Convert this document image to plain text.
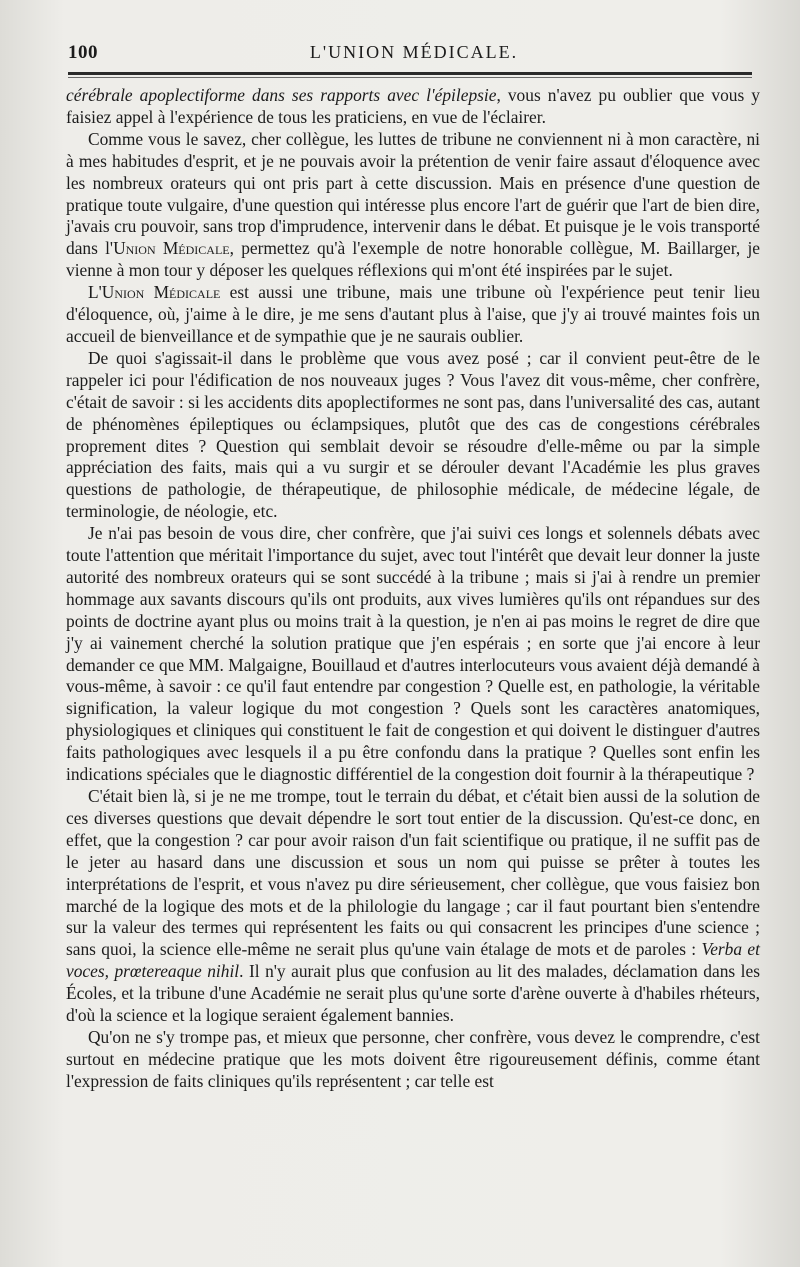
100	L'UNION MÉDICALE.

cérébrale apoplectiforme dans ses rapports avec l'épilepsie, vous n'avez pu oublier que vous y faisiez appel à l'expérience de tous les praticiens, en vue de l'éclairer.

Comme vous le savez, cher collègue, les luttes de tribune ne conviennent ni à mon caractère, ni à mes habitudes d'esprit, et je ne pouvais avoir la prétention de venir faire assaut d'éloquence avec les nombreux orateurs qui ont pris part à cette discussion. Mais en présence d'une question de pratique toute vulgaire, d'une question qui intéresse plus encore l'art de guérir que l'art de bien dire, j'avais cru pouvoir, sans trop d'imprudence, intervenir dans le débat. Et puisque je le vois transporté dans l'Union Médicale, permettez qu'à l'exemple de notre honorable collègue, M. Baillarger, je vienne à mon tour y déposer les quelques réflexions qui m'ont été inspirées par le sujet.

L'Union Médicale est aussi une tribune, mais une tribune où l'expérience peut tenir lieu d'éloquence, où, j'aime à le dire, je me sens d'autant plus à l'aise, que j'y ai trouvé maintes fois un accueil de bienveillance et de sympathie que je ne saurais oublier.

De quoi s'agissait-il dans le problème que vous avez posé ; car il convient peut-être de le rappeler ici pour l'édification de nos nouveaux juges ? Vous l'avez dit vous-même, cher confrère, c'était de savoir : si les accidents dits apoplectiformes ne sont pas, dans l'universalité des cas, autant de phénomènes épileptiques ou éclampsiques, plutôt que des cas de congestions cérébrales proprement dites ? Question qui semblait devoir se résoudre d'elle-même ou par la simple appréciation des faits, mais qui a vu surgir et se dérouler devant l'Académie les plus graves questions de pathologie, de thérapeutique, de philosophie médicale, de médecine légale, de terminologie, de néologie, etc.

Je n'ai pas besoin de vous dire, cher confrère, que j'ai suivi ces longs et solennels débats avec toute l'attention que méritait l'importance du sujet, avec tout l'intérêt que devait leur donner la juste autorité des nombreux orateurs qui se sont succédé à la tribune ; mais si j'ai à rendre un premier hommage aux savants discours qu'ils ont produits, aux vives lumières qu'ils ont répandues sur des points de doctrine ayant plus ou moins trait à la question, je n'en ai pas moins le regret de dire que j'y ai vainement cherché la solution pratique que j'en espérais ; en sorte que j'ai encore à leur demander ce que MM. Malgaigne, Bouillaud et d'autres interlocuteurs vous avaient déjà demandé à vous-même, à savoir : ce qu'il faut entendre par congestion ? Quelle est, en pathologie, la véritable signification, la valeur logique du mot congestion ? Quels sont les caractères anatomiques, physiologiques et cliniques qui constituent le fait de congestion et qui doivent le distinguer d'autres faits pathologiques avec lesquels il a pu être confondu dans la pratique ? Quelles sont enfin les indications spéciales que le diagnostic différentiel de la congestion doit fournir à la thérapeutique ?

C'était bien là, si je ne me trompe, tout le terrain du débat, et c'était bien aussi de la solution de ces diverses questions que devait dépendre le sort tout entier de la discussion. Qu'est-ce donc, en effet, que la congestion ? car pour avoir raison d'un fait scientifique ou pratique, il ne suffit pas de le jeter au hasard dans une discussion et sous un nom qui puisse se prêter à toutes les interprétations de l'esprit, et vous n'avez pu dire sérieusement, cher collègue, que vous faisiez bon marché de la logique des mots et de la philologie du langage ; car il faut pourtant bien s'entendre sur la valeur des termes qui représentent les faits ou qui consacrent les principes d'une science ; sans quoi, la science elle-même ne serait plus qu'une vain étalage de mots et de paroles : Verba et voces, prœtereaque nihil. Il n'y aurait plus que confusion au lit des malades, déclamation dans les Écoles, et la tribune d'une Académie ne serait plus qu'une sorte d'arène ouverte à d'habiles rhéteurs, d'où la science et la logique seraient également bannies.

Qu'on ne s'y trompe pas, et mieux que personne, cher confrère, vous devez le comprendre, c'est surtout en médecine pratique que les mots doivent être rigoureusement définis, comme étant l'expression de faits cliniques qu'ils représentent ; car telle est
